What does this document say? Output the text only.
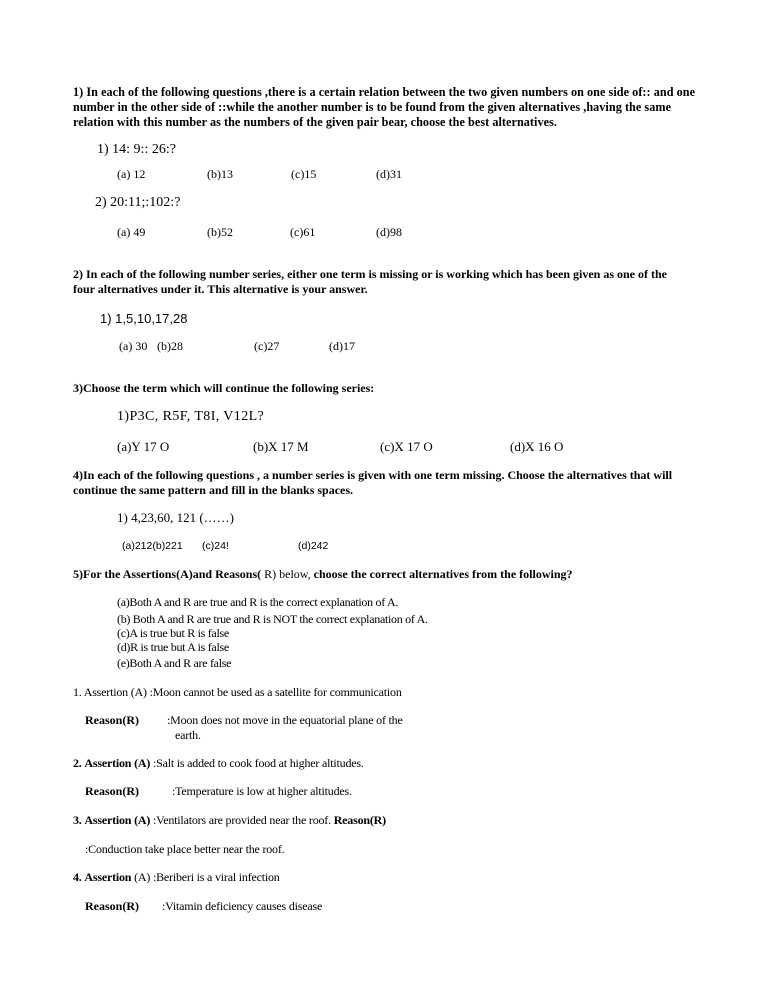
1) In each of the following questions ,there is a certain relation between the two given numbers on one side of:: and one
number in the other side of ::while the another number is to be found from the given alternatives ,having the same
relation with this number as the numbers of the given pair bear, choose the best alternatives.
1) 14: 9:: 26:?
(a) 12	(b)13	(c)15	(d)31
2) 20:11;:102:?
(a) 49	(b)52	(c)61	(d)98
2) In each of the following number series, either one term is missing or is working which has been given as one of the
four alternatives under it. This alternative is your answer.
1) 1,5,10,17,28
(a) 30 (b)28	(c)27	(d)17
3)Choose the term which will continue the following series:
1)P3C, R5F, T8I, V12L?
(a)Y 17 O	(b)X 17 M	(c)X 17 O	(d)X 16 O
4)In each of the following questions , a number series is given with one term missing. Choose the alternatives that will
continue the same pattern and fill in the blanks spaces.
1) 4,23,60, 121 (……)
(a)212(b)221 (c)24!	(d)242
5)For the Assertions(A)and Reasons( R) below, choose the correct alternatives from the following?
(a)Both A and R are true and R is the correct explanation of A.
(b) Both A and R are true and R is NOT the correct explanation of A.
(c)A is true but R is false
(d)R is true but A is false
(e)Both A and R are false
1. Assertion (A) :Moon cannot be used as a satellite for communication
Reason(R) :Moon does not move in the equatorial plane of the
earth.
2. Assertion (A) :Salt is added to cook food at higher altitudes.
Reason(R)	:Temperature is low at higher altitudes.
3. Assertion (A) :Ventilators are provided near the roof. Reason(R)
:Conduction take place better near the roof.
4. Assertion (A) :Beriberi is a viral infection
Reason(R) :Vitamin deficiency causes disease
